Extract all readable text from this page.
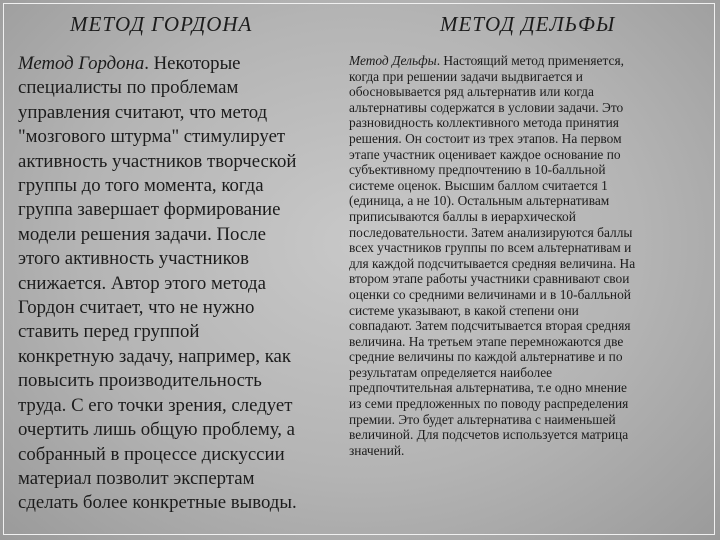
МЕТОД ГОРДОНА	МЕТОД ДЕЛЬФЫ
Метод Гордона. Некоторые
специалисты по проблемам
управления считают, что метод
"мозгового штурма" стимулирует
активность участников творческой
группы до того момента, когда
группа завершает формирование
модели решения задачи. После
этого активность участников
снижается. Автор этого метода
Гордон считает, что не нужно
ставить перед группой
конкретную задачу, например, как
повысить производительность
труда. С его точки зрения, следует
очертить лишь общую проблему, а
собранный в процессе дискуссии
материал позволит экспертам
сделать более конкретные выводы.
Метод Дельфы. Настоящий метод применяется,
когда при решении задачи выдвигается и
обосновывается ряд альтернатив или когда
альтернативы содержатся в условии задачи. Это
разновидность коллективного метода принятия
решения. Он состоит из трех этапов. На первом
этапе участник оценивает каждое основание по
субъективному предпочтению в 10-балльной
системе оценок. Высшим баллом считается 1
(единица, а не 10). Остальным альтернативам
приписываются баллы в иерархической
последовательности. Затем анализируются баллы
всех участников группы по всем альтернативам и
для каждой подсчитывается средняя величина. На
втором этапе работы участники сравнивают свои
оценки со средними величинами и в 10-балльной
системе указывают, в какой степени они
совпадают. Затем подсчитывается вторая средняя
величина. На третьем этапе перемножаются две
средние величины по каждой альтернативе и по
результатам определяется наиболее
предпочтительная альтернатива, т.е одно мнение
из семи предложенных по поводу распределения
премии. Это будет альтернатива с наименьшей
величиной. Для подсчетов используется матрица
значений.
